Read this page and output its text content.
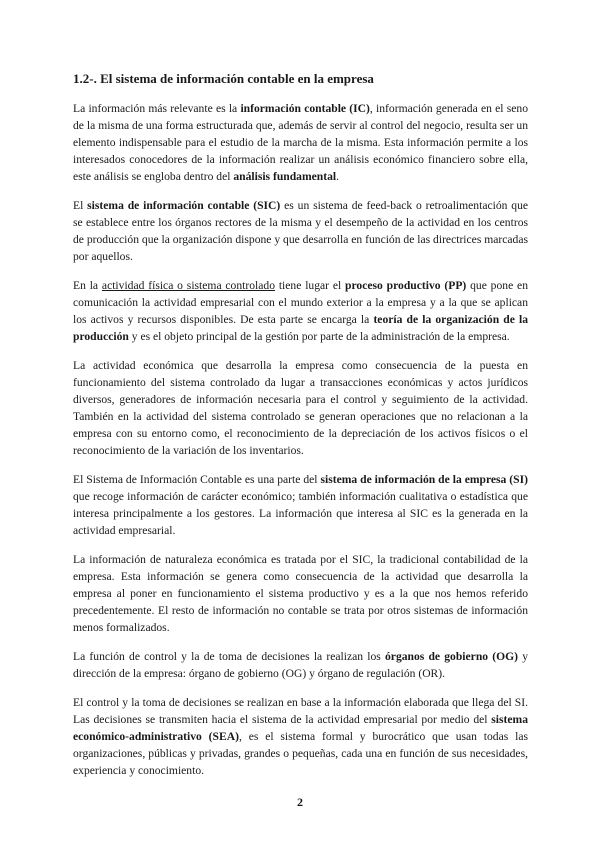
1.2-. El sistema de información contable en la empresa

La información más relevante es la información contable (IC), información generada en el seno de la misma de una forma estructurada que, además de servir al control del negocio, resulta ser un elemento indispensable para el estudio de la marcha de la misma. Esta información permite a los interesados conocedores de la información realizar un análisis económico financiero sobre ella, este análisis se engloba dentro del análisis fundamental.

El sistema de información contable (SIC) es un sistema de feed-back o retroalimentación que se establece entre los órganos rectores de la misma y el desempeño de la actividad en los centros de producción que la organización dispone y que desarrolla en función de las directrices marcadas por aquellos.

En la actividad física o sistema controlado tiene lugar el proceso productivo (PP) que pone en comunicación la actividad empresarial con el mundo exterior a la empresa y a la que se aplican los activos y recursos disponibles. De esta parte se encarga la teoría de la organización de la producción y es el objeto principal de la gestión por parte de la administración de la empresa.

La actividad económica que desarrolla la empresa como consecuencia de la puesta en funcionamiento del sistema controlado da lugar a transacciones económicas y actos jurídicos diversos, generadores de información necesaria para el control y seguimiento de la actividad. También en la actividad del sistema controlado se generan operaciones que no relacionan a la empresa con su entorno como, el reconocimiento de la depreciación de los activos físicos o el reconocimiento de la variación de los inventarios.

El Sistema de Información Contable es una parte del sistema de información de la empresa (SI) que recoge información de carácter económico; también información cualitativa o estadística que interesa principalmente a los gestores. La información que interesa al SIC es la generada en la actividad empresarial.

La información de naturaleza económica es tratada por el SIC, la tradicional contabilidad de la empresa. Esta información se genera como consecuencia de la actividad que desarrolla la empresa al poner en funcionamiento el sistema productivo y es a la que nos hemos referido precedentemente. El resto de información no contable se trata por otros sistemas de información menos formalizados.

La función de control y la de toma de decisiones la realizan los órganos de gobierno (OG) y dirección de la empresa: órgano de gobierno (OG) y órgano de regulación (OR).

El control y la toma de decisiones se realizan en base a la información elaborada que llega del SI. Las decisiones se transmiten hacia el sistema de la actividad empresarial por medio del sistema económico-administrativo (SEA), es el sistema formal y burocrático que usan todas las organizaciones, públicas y privadas, grandes o pequeñas, cada una en función de sus necesidades, experiencia y conocimiento.

2
